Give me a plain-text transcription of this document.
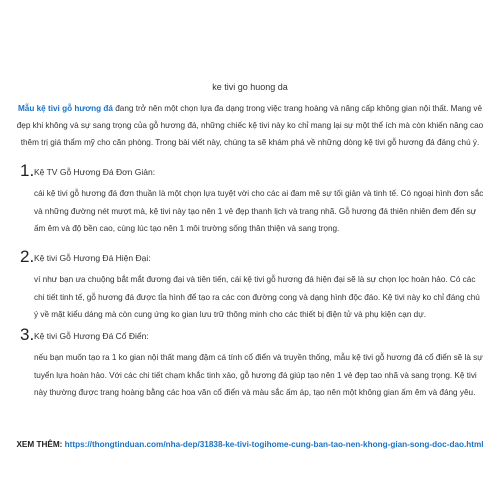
ke tivi go huong da

Mẫu kệ tivi gỗ hương đá đang trở nên một chọn lựa đa dạng trong việc trang hoàng và nâng cấp không gian nội thất. Mang vẻ đẹp khi không và sự sang trọng của gỗ hương đá, những chiếc kệ tivi này ko chỉ mang lại sự một thể ích mà còn khiến nâng cao thêm trị giá thẩm mỹ cho căn phòng. Trong bài viết này, chúng ta sẽ khám phá về những dòng kệ tivi gỗ hương đá đáng chú ý.

1. Kệ TV Gỗ Hương Đá Đơn Giản:
cái kệ tivi gỗ hương đá đơn thuần là một chọn lựa tuyệt vời cho các ai đam mê sự tối giản và tinh tế. Có ngoại hình đơn sắc và những đường nét mượt mà, kệ tivi này tạo nên 1 vẻ đẹp thanh lịch và trang nhã. Gỗ hương đá thiên nhiên đem đến sự ấm êm và độ bền cao, cùng lúc tạo nên 1 môi trường sống thân thiện và sang trọng.
2. Kệ tivi Gỗ Hương Đá Hiện Đại:
ví như bạn ưa chuộng bắt mắt đương đại và tiên tiến, cái kệ tivi gỗ hương đá hiện đại sẽ là sự chọn lọc hoàn hảo. Có các chi tiết tinh tế, gỗ hương đá được tỉa hình để tạo ra các con đường cong và dạng hình độc đáo. Kệ tivi này ko chỉ đáng chú ý về mặt kiểu dáng mà còn cung ứng ko gian lưu trữ thông minh cho các thiết bị điện tử và phụ kiện cạn dự.
3. Kệ tivi Gỗ Hương Đá Cổ Điển:
nếu bạn muốn tạo ra 1 ko gian nội thất mang đậm cá tính cổ điển và truyền thống, mẫu kệ tivi gỗ hương đá cổ điển sẽ là sự tuyển lựa hoàn hảo. Với các chi tiết chạm khắc tinh xảo, gỗ hương đá giúp tạo nên 1 vẻ đẹp tao nhã và sang trọng. Kệ tivi này thường được trang hoàng bằng các hoa văn cổ điển và màu sắc ấm áp, tạo nên một không gian ấm êm và đáng yêu.
XEM THÊM: https://thongtinduan.com/nha-dep/31838-ke-tivi-togihome-cung-ban-tao-nen-khong-gian-song-doc-dao.html
